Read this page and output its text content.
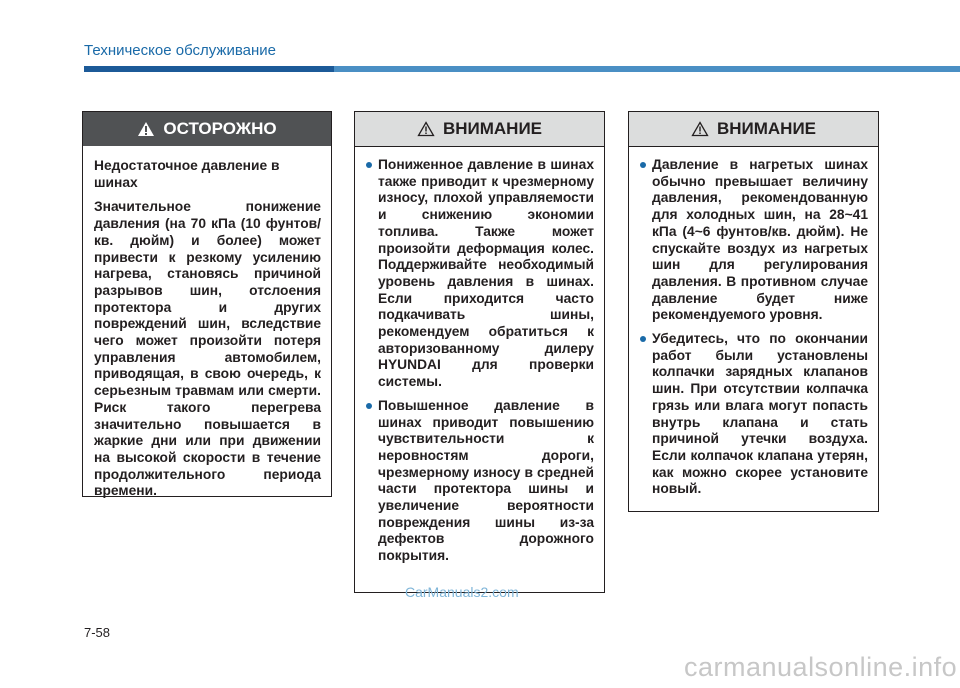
Техническое обслуживание
ОСТОРОЖНО

Недостаточное давление в шинах

Значительное понижение давления (на 70 кПа (10 фунтов/кв. дюйм) и более) может привести к резкому усилению нагрева, становясь причиной разрывов шин, отслоения протектора и других повреждений шин, вследствие чего может произойти потеря управления автомобилем, приводящая, в свою очередь, к серьезным травмам или смерти. Риск такого перегрева значительно повышается в жаркие дни или при движении на высокой скорости в течение продолжительного периода времени.

ВНИМАНИЕ
Пониженное давление в шинах также приводит к чрезмерному износу, плохой управляемости и снижению экономии топлива. Также может произойти деформация колес. Поддерживайте необходимый уровень давления в шинах. Если приходится часто подкачивать шины, рекомендуем обратиться к авторизованному дилеру HYUNDAI для проверки системы.
Повышенное давление в шинах приводит повышению чувствительности к неровностям дороги, чрезмерному износу в средней части протектора шины и увеличение вероятности повреждения шины из-за дефектов дорожного покрытия.
ВНИМАНИЕ
Давление в нагретых шинах обычно превышает величину давления, рекомендованную для холодных шин, на 28~41 кПа (4~6 фунтов/кв. дюйм). Не спускайте воздух из нагретых шин для регулирования давления. В противном случае давление будет ниже рекомендуемого уровня.
Убедитесь, что по окончании работ были установлены колпачки зарядных клапанов шин. При отсутствии колпачка грязь или влага могут попасть внутрь клапана и стать причиной утечки воздуха. Если колпачок клапана утерян, как можно скорее установите новый.
CarManuals2.com
7-58
carmanualsonline.info
